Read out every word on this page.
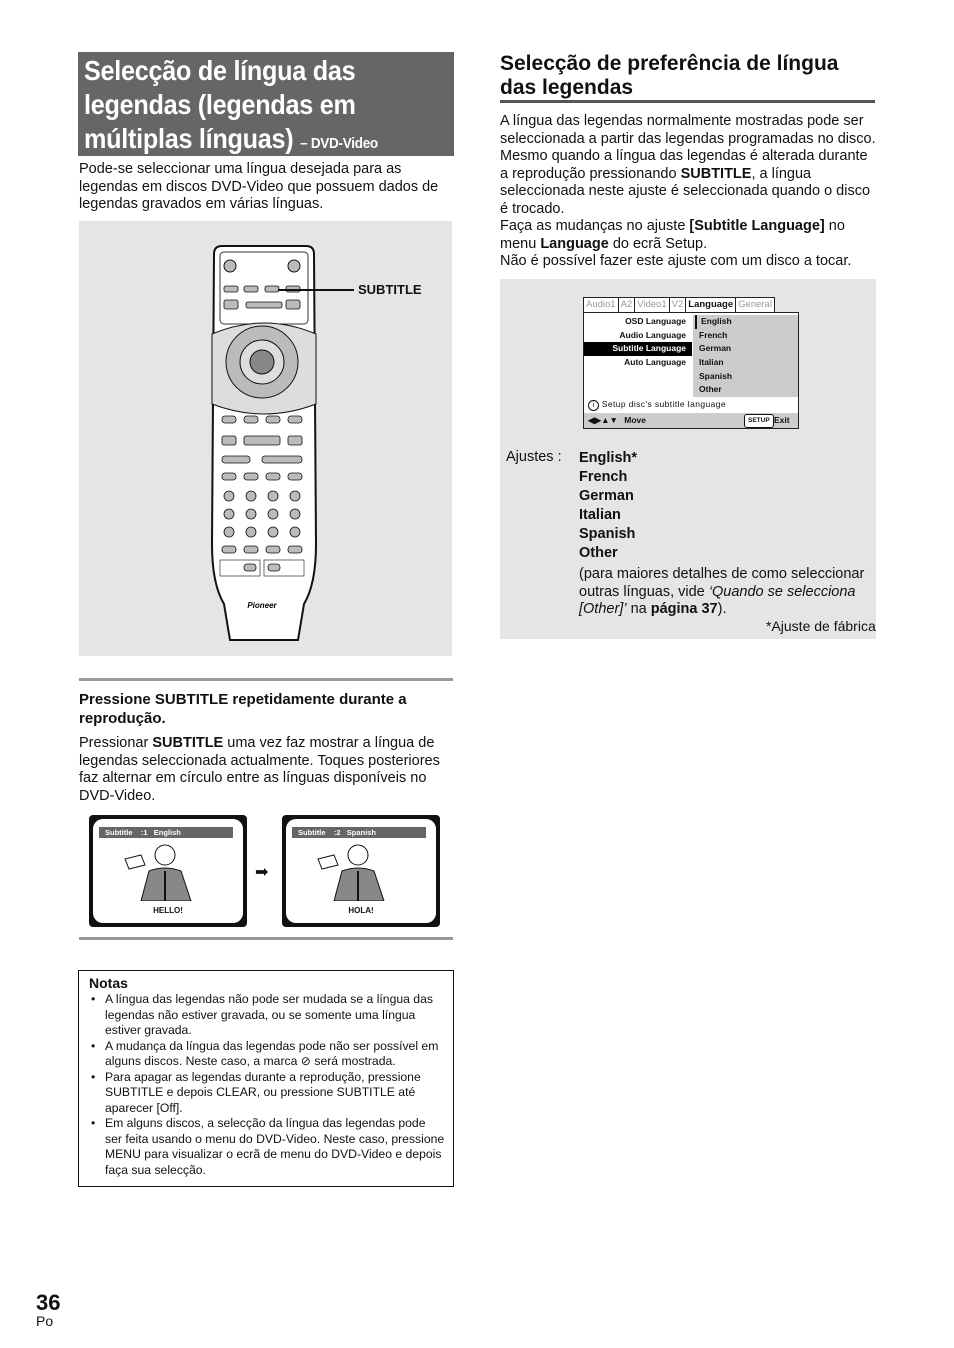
Selecção de língua das
legendas (legendas em
múltiplas línguas) – DVD-Video
Pode-se seleccionar uma língua desejada para as legendas em discos DVD-Video que possuem dados de legendas gravados em várias línguas.
Pioneer
SUBTITLE
Pressione SUBTITLE repetidamente durante a reprodução.
Pressionar SUBTITLE uma vez faz mostrar a língua de legendas seleccionada actualmente. Toques posteriores faz alternar em círculo entre as línguas disponíveis no DVD-Video.
Subtitle    :1   English
HELLO!
➡
Subtitle    :2   Spanish
HOLA!
Notas
• A língua das legendas não pode ser mudada se a língua das legendas não estiver gravada, ou se somente uma língua estiver gravada.
• A mudança da língua das legendas pode não ser possível em alguns discos. Neste caso, a marca ⊘ será mostrada.
• Para apagar as legendas durante a reprodução, pressione SUBTITLE e depois CLEAR, ou pressione SUBTITLE até aparecer [Off].
• Em alguns discos, a selecção da língua das legendas pode ser feita usando o menu do DVD-Video. Neste caso, pressione MENU para visualizar o ecrã de menu do DVD-Video e depois faça sua selecção.
Selecção de preferência de língua das legendas
A língua das legendas normalmente mostradas pode ser seleccionada a partir das legendas programadas no disco. Mesmo quando a língua das legendas é alterada durante a reprodução pressionando SUBTITLE, a língua seleccionada neste ajuste é seleccionada quando o disco é trocado.
Faça as mudanças no ajuste [Subtitle Language] no menu Language do ecrã Setup.
Não é possível fazer este ajuste com um disco a tocar.
Audio1 A2 Video1 V2 Language General
OSD Language
Audio Language
Subtitle Language
Auto Language
English
French
German
Italian
Spanish
Other
i Setup disc's subtitle language
◀▶▲▼ Move	SETUP Exit
Ajustes : English*
French
German
Italian
Spanish
Other
(para maiores detalhes de como seleccionar outras línguas, vide ‘Quando se selecciona [Other]’ na página 37).
*Ajuste de fábrica
36
Po
